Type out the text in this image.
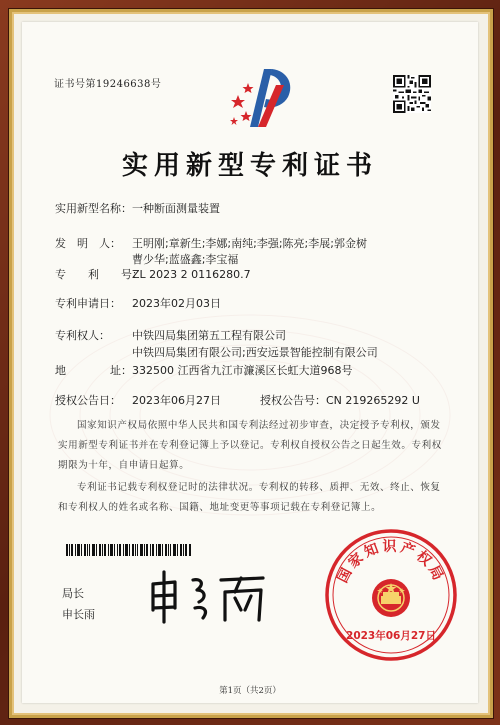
证书号第19246638号
实用新型专利证书
实用新型名称：一种断面测量装置
发　明　人： 王明刚;章新生;李娜;南纯;李强;陈亮;李展;郭金树
曹少华;蓝盛鑫;李宝福
专　　利　　号：ZL 2023 2 0116280.7
专利申请日： 2023年02月03日
专利权人： 中铁四局集团第五工程有限公司
中铁四局集团有限公司;西安远景智能控制有限公司
地　　　　址：332500 江西省九江市濂溪区长虹大道968号
授权公告日： 2023年06月27日	授权公告号：CN 219265292 U
国家知识产权局依照中华人民共和国专利法经过初步审查，决定授予专利权，颁发实用新型专利证书并在专利登记簿上予以登记。专利权自授权公告之日起生效。专利权期限为十年，自申请日起算。
专利证书记载专利权登记时的法律状况。专利权的转移、质押、无效、终止、恢复和专利权人的姓名或名称、国籍、地址变更等事项记载在专利登记簿上。
局长
申长雨
国家知识产权局
2023年06月27日
第1页（共2页）
